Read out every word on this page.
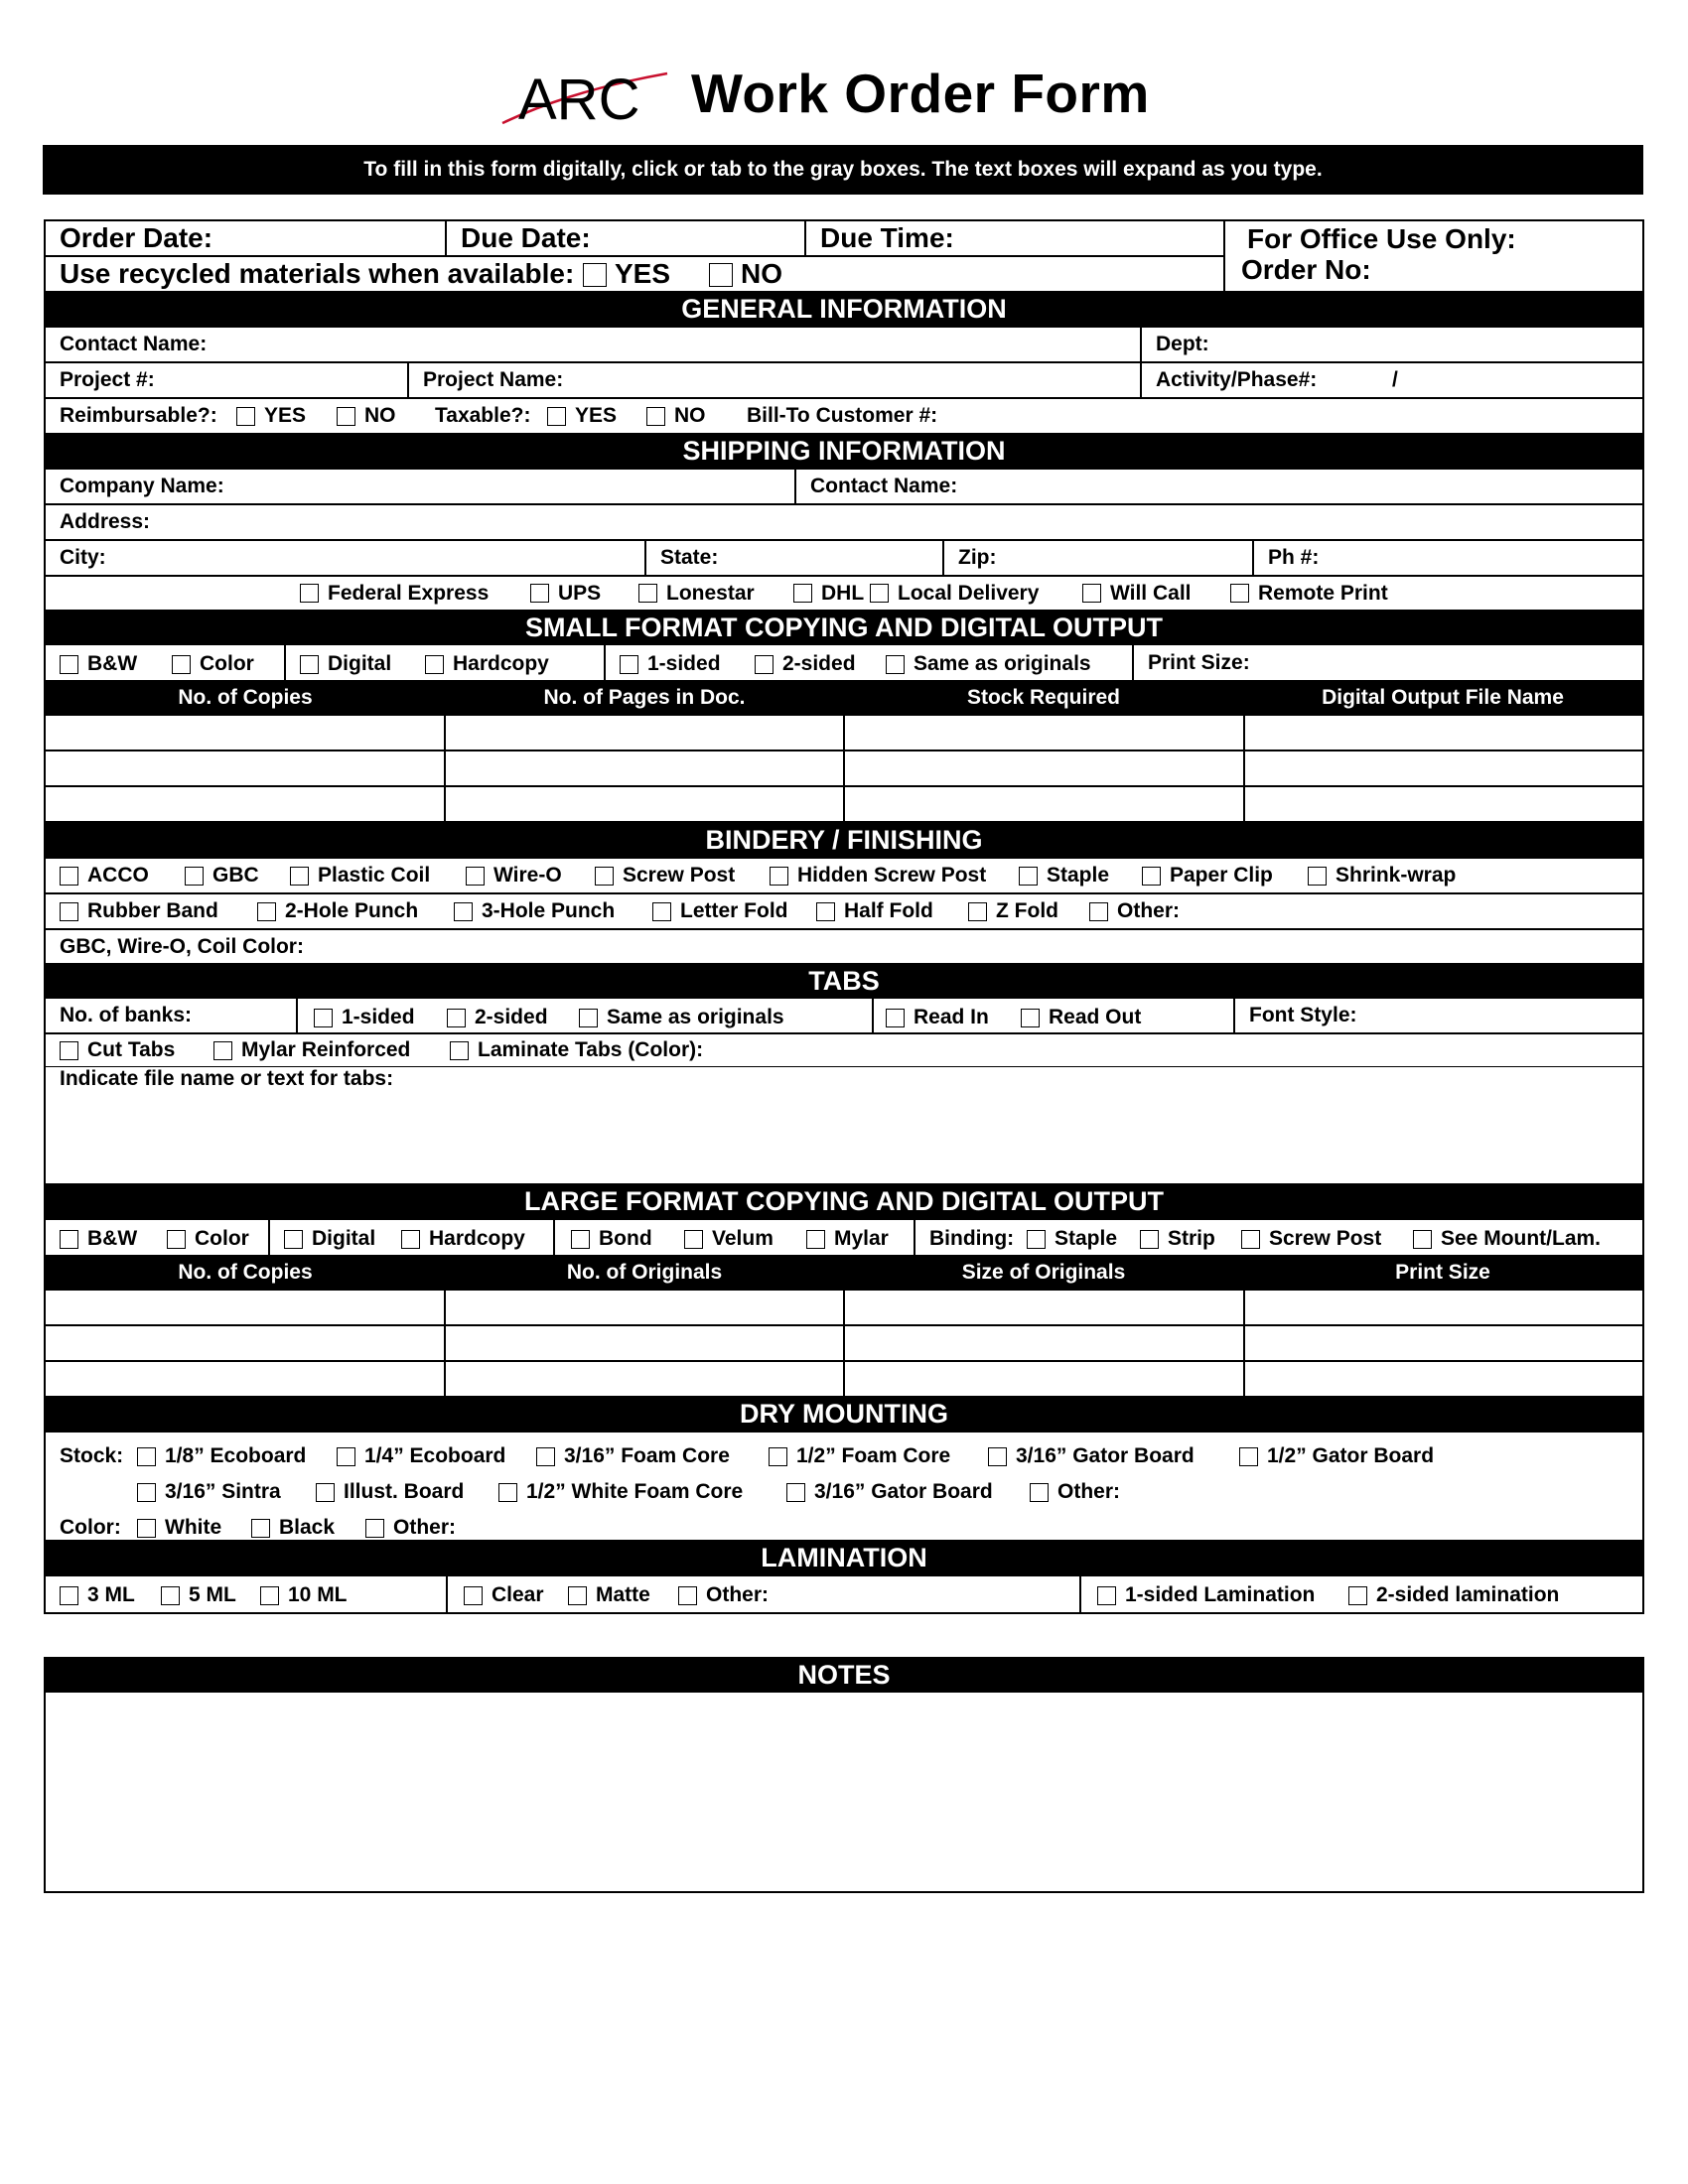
ARC Work Order Form
To fill in this form digitally, click or tab to the gray boxes. The text boxes will expand as you type.
Order Date:	Due Date:	Due Time:
Use recycled materials when available:	YES	NO
For Office Use Only:
Order No:
GENERAL INFORMATION
Contact Name:	Dept:
Project #:	Project Name:	Activity/Phase#:	/
Reimbursable?: YES	NO Taxable?: YES	NO Bill-To Customer #:
SHIPPING INFORMATION
Company Name:	Contact Name:
Address:
City:	State:	Zip:	Ph #:
Federal Express	UPS	Lonestar	DHL Local Delivery	Will Call	Remote Print
SMALL FORMAT COPYING AND DIGITAL OUTPUT
B&W	Color	Digital	Hardcopy	1-sided	2-sided	Same as originals	Print Size:
No. of Copies	No. of Pages in Doc.	Stock Required	Digital Output File Name
BINDERY / FINISHING
ACCO	GBC	Plastic Coil	Wire-O	Screw Post	Hidden Screw Post	Staple	Paper Clip	Shrink-wrap
Rubber Band	2-Hole Punch	3-Hole Punch	Letter Fold	Half Fold	Z Fold	Other:
GBC, Wire-O, Coil Color:
TABS
No. of banks:	1-sided	2-sided	Same as originals	Read In	Read Out	Font Style:
Cut Tabs	Mylar Reinforced	Laminate Tabs (Color):
Indicate file name or text for tabs:
LARGE FORMAT COPYING AND DIGITAL OUTPUT
B&W	Color	Digital	Hardcopy	Bond	Velum	Mylar Binding: Staple Strip	Screw Post	See Mount/Lam.
No. of Copies	No. of Originals	Size of Originals	Print Size
DRY MOUNTING
Stock: 1/8” Ecoboard	1/4” Ecoboard	3/16” Foam Core	1/2” Foam Core	3/16” Gator Board	1/2” Gator Board
3/16” Sintra	Illust. Board	1/2” White Foam Core	3/16” Gator Board	Other:
Color: White	Black	Other:
LAMINATION
3 ML	5 ML 10 ML	Clear Matte	Other:	1-sided Lamination	2-sided lamination
NOTES
